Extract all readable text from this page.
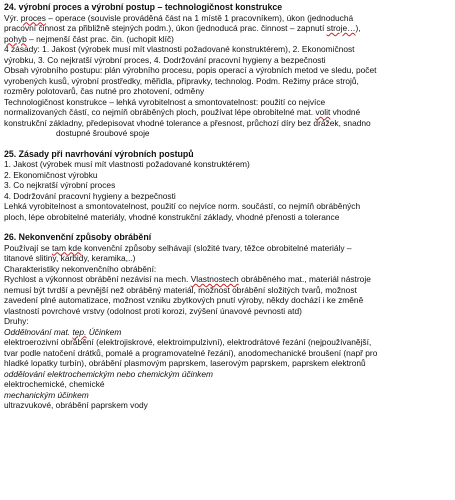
24. výrobní proces a výrobní postup – technologičnost konstrukce

Výr. proces – operace (souvisle prováděná část na 1 místě 1 pracovníkem), úkon (jednoduchá

pracovní činnost za přibližně stejných podm.), úkon (jednoducá prac. činnost – zapnutí stroje…),

pohyb – nejmenší část prac. čin. (uchopit klíč)

4 zásady: 1. Jakost (výrobek musí mít vlastnosti požadované konstruktérem), 2. Ekonomičnost

výrobku, 3. Co nejkratší výrobní proces, 4. Dodržování pracovní hygieny a bezpečnosti

Obsah výrobního postupu: plán výrobního procesu, popis operací a výrobních metod ve sledu, počet

vyrobených kusů, výrobní prostředky, měřidla, přípravky, technolog. Podm. Režimy práce strojů,

rozměry polotovarů, čas nutné pro zhotovení, odměny

Technologičnost konstrukce – lehká vyrobitelnost a smontovatelnost: použití co nejvíce

normalizovaných částí, co nejmíň obráběných ploch, používat lépe obrobitelné mat. volit vhodné

konstrukční základny, předepisovat vhodné tolerance a přesnost, průchozí díry bez drážek, snadno

dostupné šroubové spoje

25. Zásady při navrhování výrobních postupů

1. Jakost (výrobek musí mít vlastnosti požadované konstruktérem)

2. Ekonomičnost výrobku

3. Co nejkratší výrobní proces

4. Dodržování pracovní hygieny a bezpečnosti

Lehká vyrobitelnost a smontovatelnost, použití co nejvíce norm. součástí, co nejmíň obráběných

ploch, lépe obrobitelné materiály, vhodné konstrukční základy, vhodné přenosti a tolerance

26. Nekonvenční způsoby obrábění

Používají se tam kde konvenční způsoby selhávají (složité tvary, těžce obrobitelné materiály –

titanové slitiny, karbidy, keramika,..)

Charakteristiky nekonvenčního obrábění:

Rychlost a výkonnost obrábění nezávisí na mech. Vlastnostech obráběného mat., materiál nástroje

nemusí být tvrdší a pevnější než obráběný materiál, možnost obrábění složitých tvarů, možnost

zavedení plné automatizace, možnost vzniku zbytkových pnutí výroby, někdy dochází i ke změně

vlastností povrchové vrstvy (odolnost proti korozi, zvýšení únavové pevnosti atd)

Druhy:

Oddělnování mat. tep. Účinkem

elektroerozivní obrábění (elektrojiskrové, elektroimpulzivní), elektrodrátové řezání (nejpoužívanější,

tvar podle natočení drátků, pomalé a programovatelné řezání), anodomechanické broušení (např pro

hladké lopatky turbín), obrábění plasmovým paprskem, laserovým paprskem, paprskem elektronů

oddělování elektrochemickým nebo chemickým účinkem

elektrochemické, chemické

mechanickým účinkem

ultrazvukové, obrábění paprskem vody
